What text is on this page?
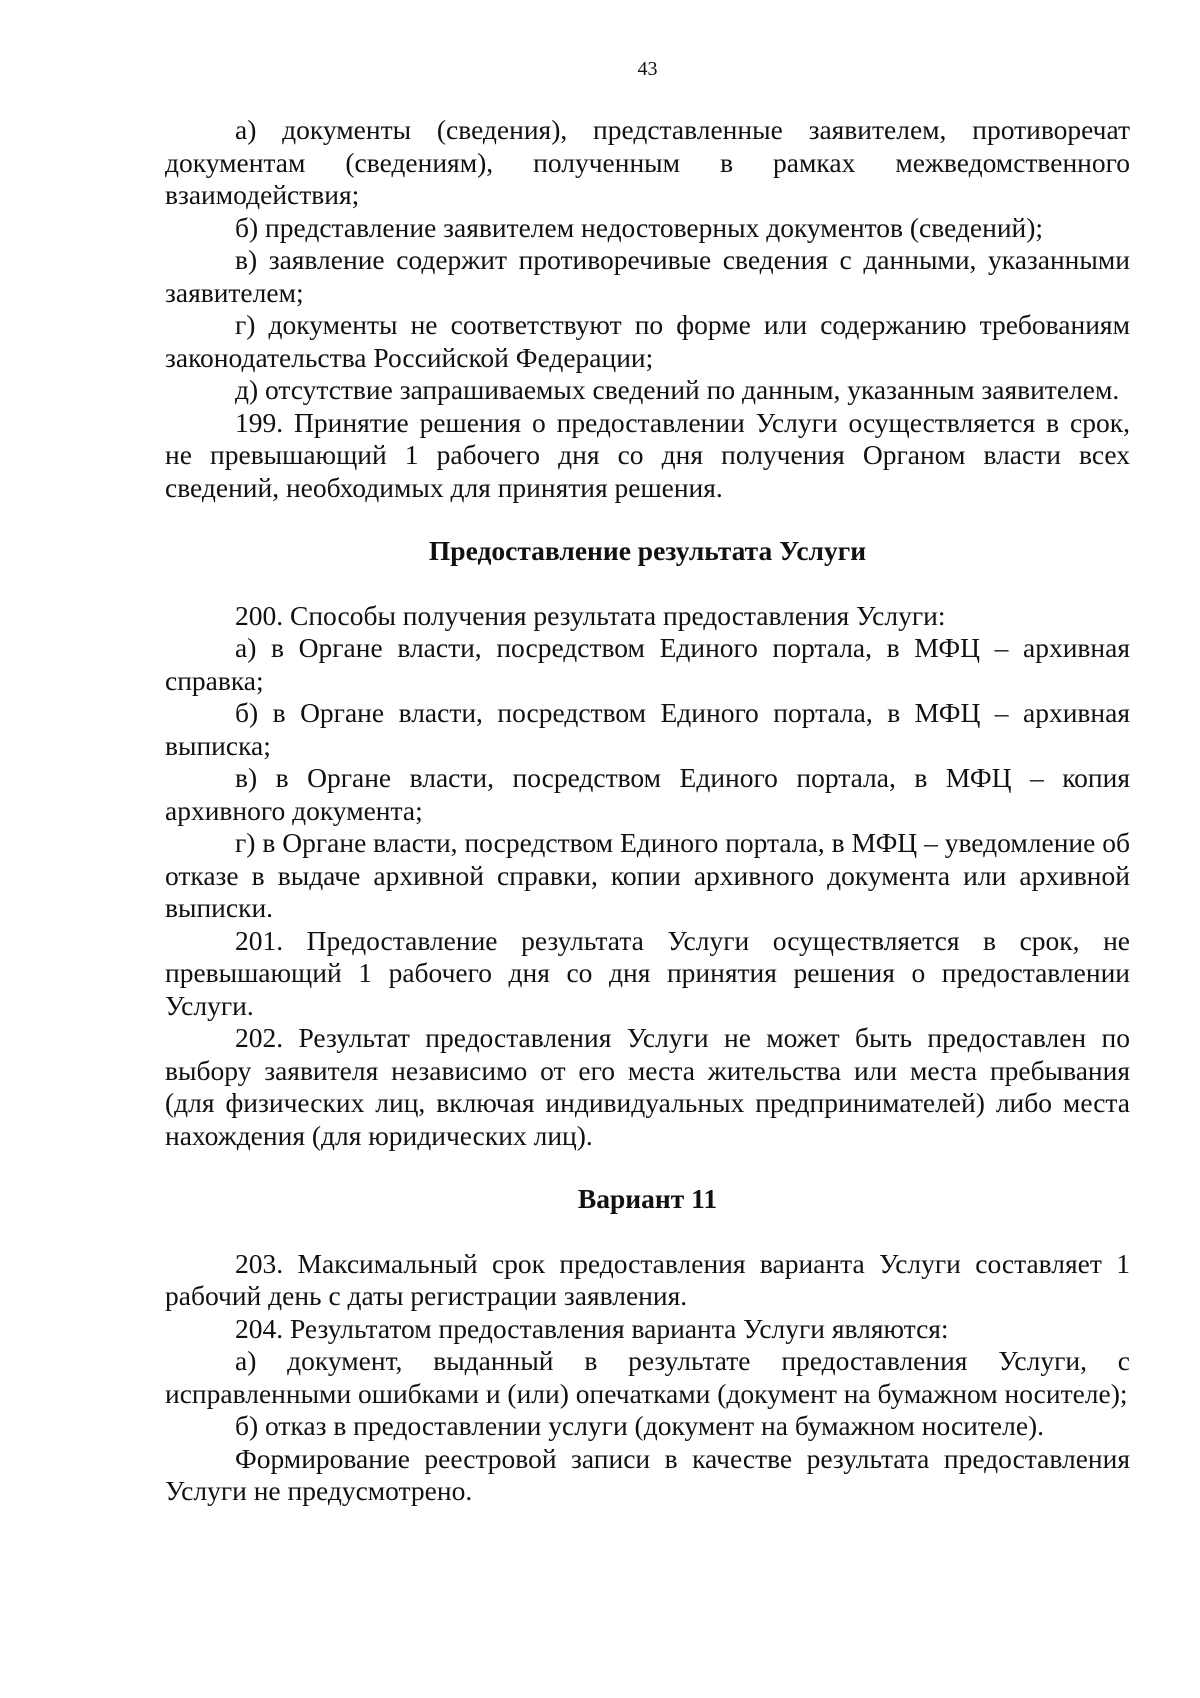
43

а) документы (сведения), представленные заявителем, противоречат документам (сведениям), полученным в рамках межведомственного взаимодействия;

б) представление заявителем недостоверных документов (сведений);

в) заявление содержит противоречивые сведения с данными, указанными заявителем;

г) документы не соответствуют по форме или содержанию требованиям законодательства Российской Федерации;

д) отсутствие запрашиваемых сведений по данным, указанным заявителем.

199. Принятие решения о предоставлении Услуги осуществляется в срок, не превышающий 1 рабочего дня со дня получения Органом власти всех сведений, необходимых для принятия решения.

Предоставление результата Услуги

200. Способы получения результата предоставления Услуги:

а) в Органе власти, посредством Единого портала, в МФЦ – архивная справка;

б) в Органе власти, посредством Единого портала, в МФЦ – архивная выписка;

в) в Органе власти, посредством Единого портала, в МФЦ – копия архивного документа;

г) в Органе власти, посредством Единого портала, в МФЦ – уведомление об отказе в выдаче архивной справки, копии архивного документа или архивной выписки.

201. Предоставление результата Услуги осуществляется в срок, не превышающий 1 рабочего дня со дня принятия решения о предоставлении Услуги.

202. Результат предоставления Услуги не может быть предоставлен по выбору заявителя независимо от его места жительства или места пребывания (для физических лиц, включая индивидуальных предпринимателей) либо места нахождения (для юридических лиц).

Вариант 11

203. Максимальный срок предоставления варианта Услуги составляет 1 рабочий день с даты регистрации заявления.

204. Результатом предоставления варианта Услуги являются:

а) документ, выданный в результате предоставления Услуги, с исправленными ошибками и (или) опечатками (документ на бумажном носителе);

б) отказ в предоставлении услуги (документ на бумажном носителе).

Формирование реестровой записи в качестве результата предоставления Услуги не предусмотрено.
